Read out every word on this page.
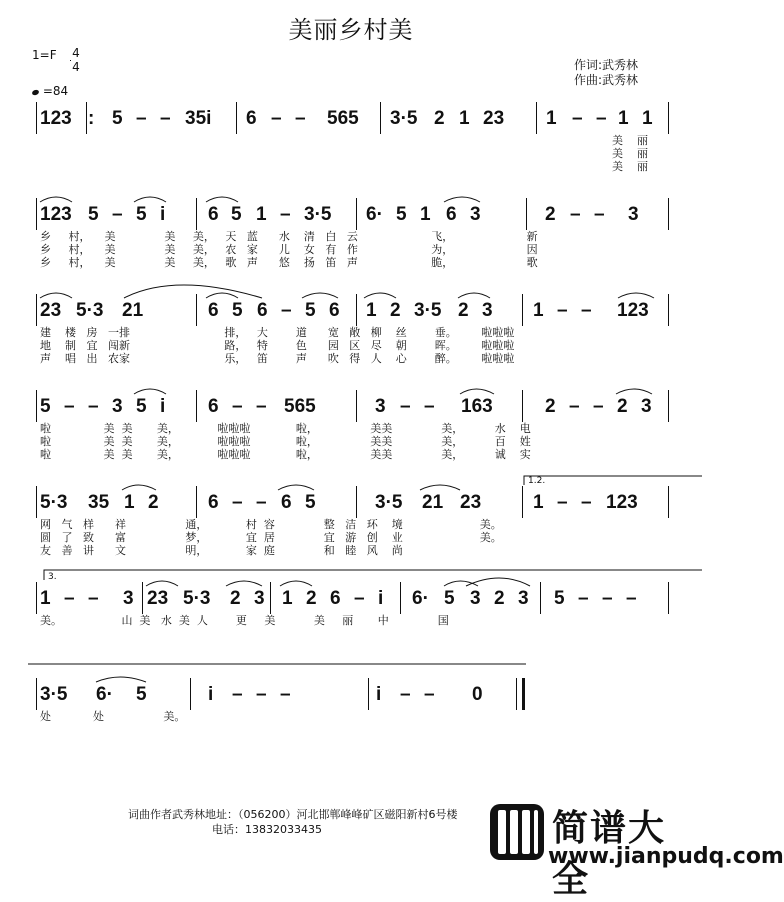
美丽乡村美
作词:武秀林
作曲:武秀林
1=F 4
4
=84
123 : 5 – – 35i 6 – – 565 3·5 2 1 23 1 – – 1 1
美    丽
美    丽
美    丽
123 5 – 5 i 6 5 1 – 3·5 6· 5 1 6 3	2 – – 3
乡     村，    美              美     美，   天   蓝      水    清   白   云                     飞，                     新
乡     村，    美              美     美，   农   家      儿    女   有   作                     为，                     因
乡     村，    美              美     美，   歌   声      悠    扬   笛   声                     脆，                     歌
23 5·3 21	6 5 6 – 5 6 1 2 3·5 2 3 1 – – 123
建    楼   房   一排                           排，   大        道      宽   敞   柳    丝        垂。       啦啦啦
地    制   宜   闯新                           路，   特        色      园   区   尽    朝        晖。       啦啦啦
声    唱   出   农家                           乐，   笛        声      吹   得   人    心        醉。       啦啦啦
5 – – 3 5 i 6 – – 565	3 – – 163	2 – – 2 3
啦               美  美       美，           啦啦啦             啦，               美美              美，         水    电
啦               美  美       美，           啦啦啦             啦，               美美              美，         百    姓
啦               美  美       美，           啦啦啦             啦，               美美              美，         诚    实
5·3 35 1 2	6 – – 6 5	3·5 21 23	1 – – 123
网   气   样      祥                 通，           村  容              整   洁   环    境                      美。
圆   了   致      富                 梦，           宜  居              宜   游   创    业                      美。
友   善   讲      文                 明，           家  庭              和   睦   风    尚
1 – – 3 23 5·3 2 3 1 2 6 – i 6· 5 3 2 3 5 – – –
美。                 山  美   水  美  人        更     美           美     丽       中              国
3·5 6· 5	i – – –	i – – 0
处            处                 美。
1.2.
3.
词曲作者武秀林地址：（056200）河北邯郸峰峰矿区磁阳新村6号楼
电话：13832033435	简谱大全
www.jianpudq.com
